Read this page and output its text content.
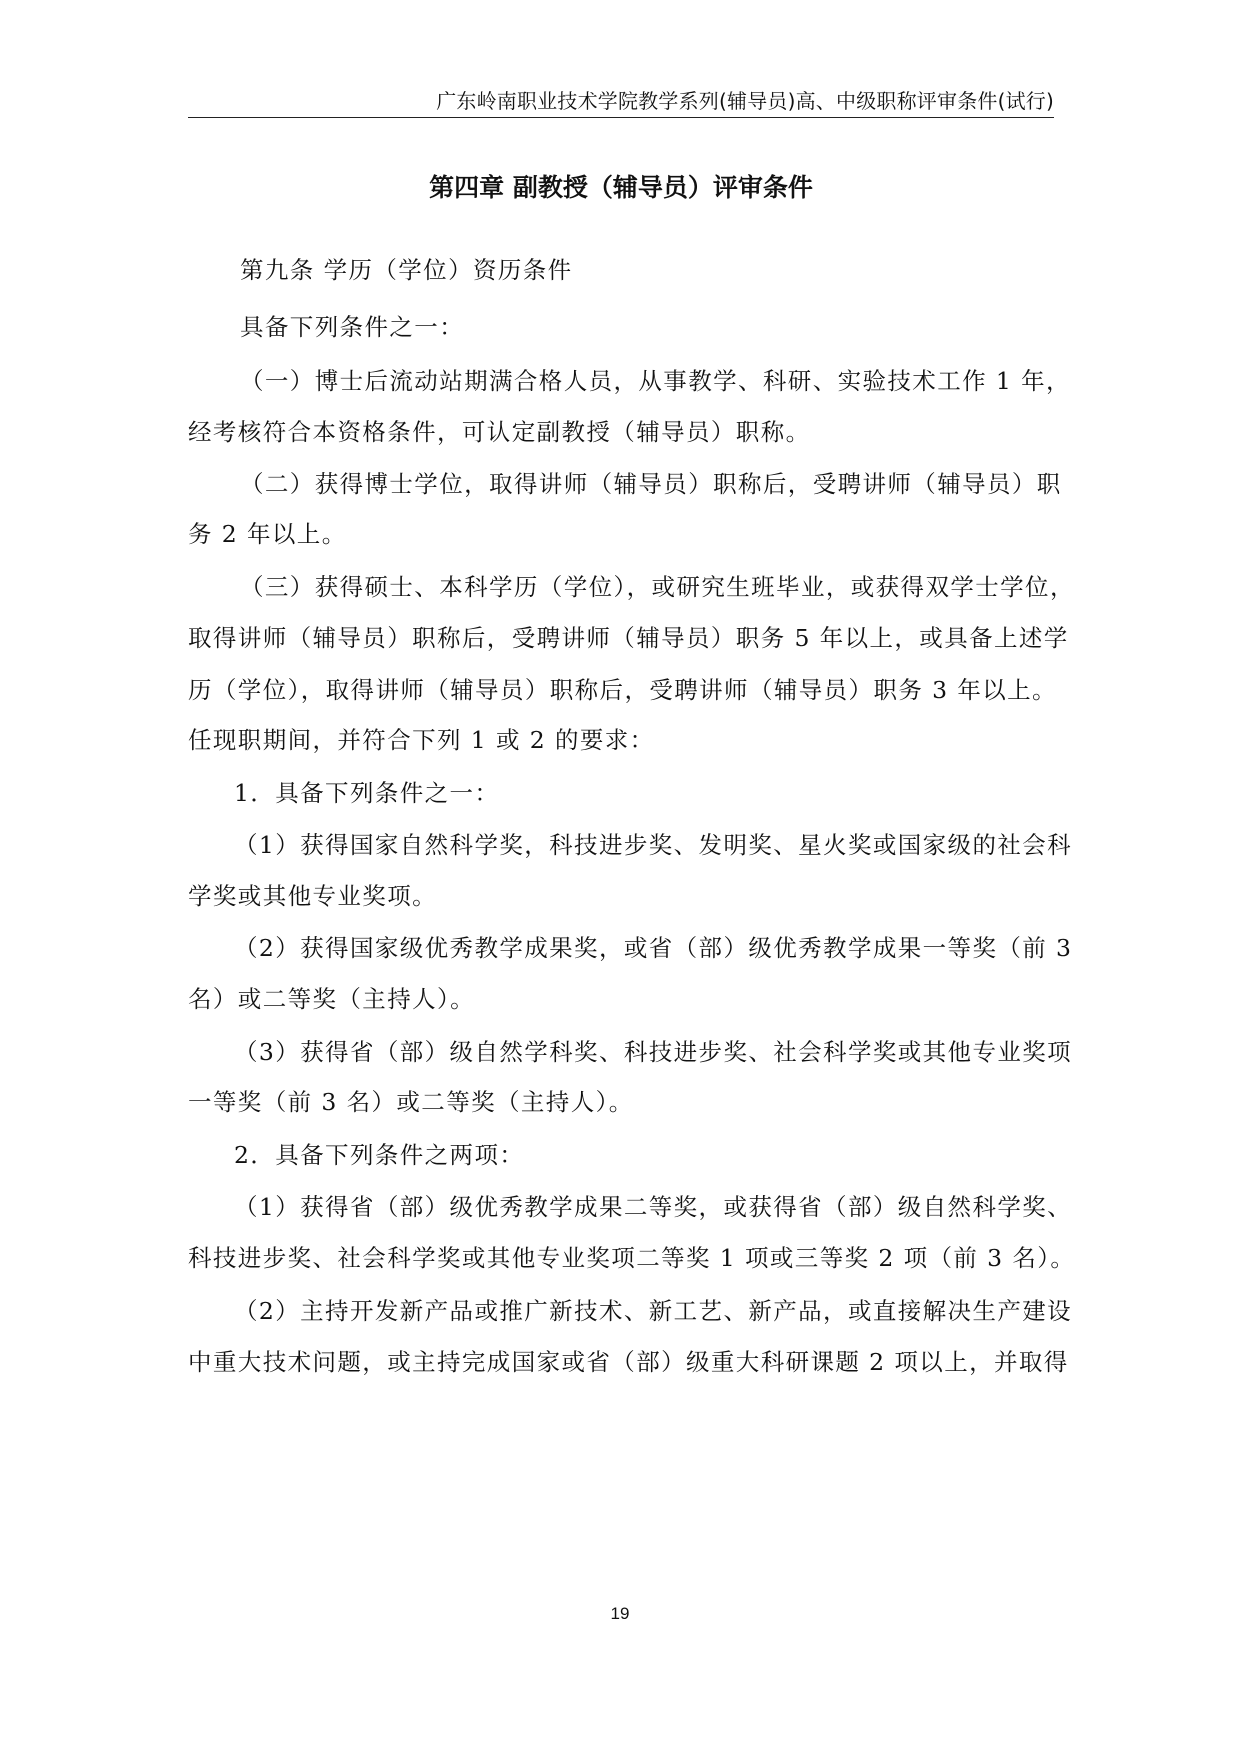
广东岭南职业技术学院教学系列(辅导员)高、中级职称评审条件(试行)
第四章 副教授（辅导员）评审条件
第九条 学历（学位）资历条件
具备下列条件之一：
（一）博士后流动站期满合格人员，从事教学、科研、实验技术工作 1 年，
经考核符合本资格条件，可认定副教授（辅导员）职称。
（二）获得博士学位，取得讲师（辅导员）职称后，受聘讲师（辅导员）职
务 2 年以上。
（三）获得硕士、本科学历（学位），或研究生班毕业，或获得双学士学位，
取得讲师（辅导员）职称后，受聘讲师（辅导员）职务 5 年以上，或具备上述学
历（学位），取得讲师（辅导员）职称后，受聘讲师（辅导员）职务 3 年以上。
任现职期间，并符合下列 1 或 2 的要求：
1．具备下列条件之一：
（1）获得国家自然科学奖，科技进步奖、发明奖、星火奖或国家级的社会科
学奖或其他专业奖项。
（2）获得国家级优秀教学成果奖，或省（部）级优秀教学成果一等奖（前 3
名）或二等奖（主持人）。
（3）获得省（部）级自然学科奖、科技进步奖、社会科学奖或其他专业奖项
一等奖（前 3 名）或二等奖（主持人）。
2．具备下列条件之两项：
（1）获得省（部）级优秀教学成果二等奖，或获得省（部）级自然科学奖、
科技进步奖、社会科学奖或其他专业奖项二等奖 1 项或三等奖 2 项（前 3 名）。
（2）主持开发新产品或推广新技术、新工艺、新产品，或直接解决生产建设
中重大技术问题，或主持完成国家或省（部）级重大科研课题 2 项以上，并取得
19
